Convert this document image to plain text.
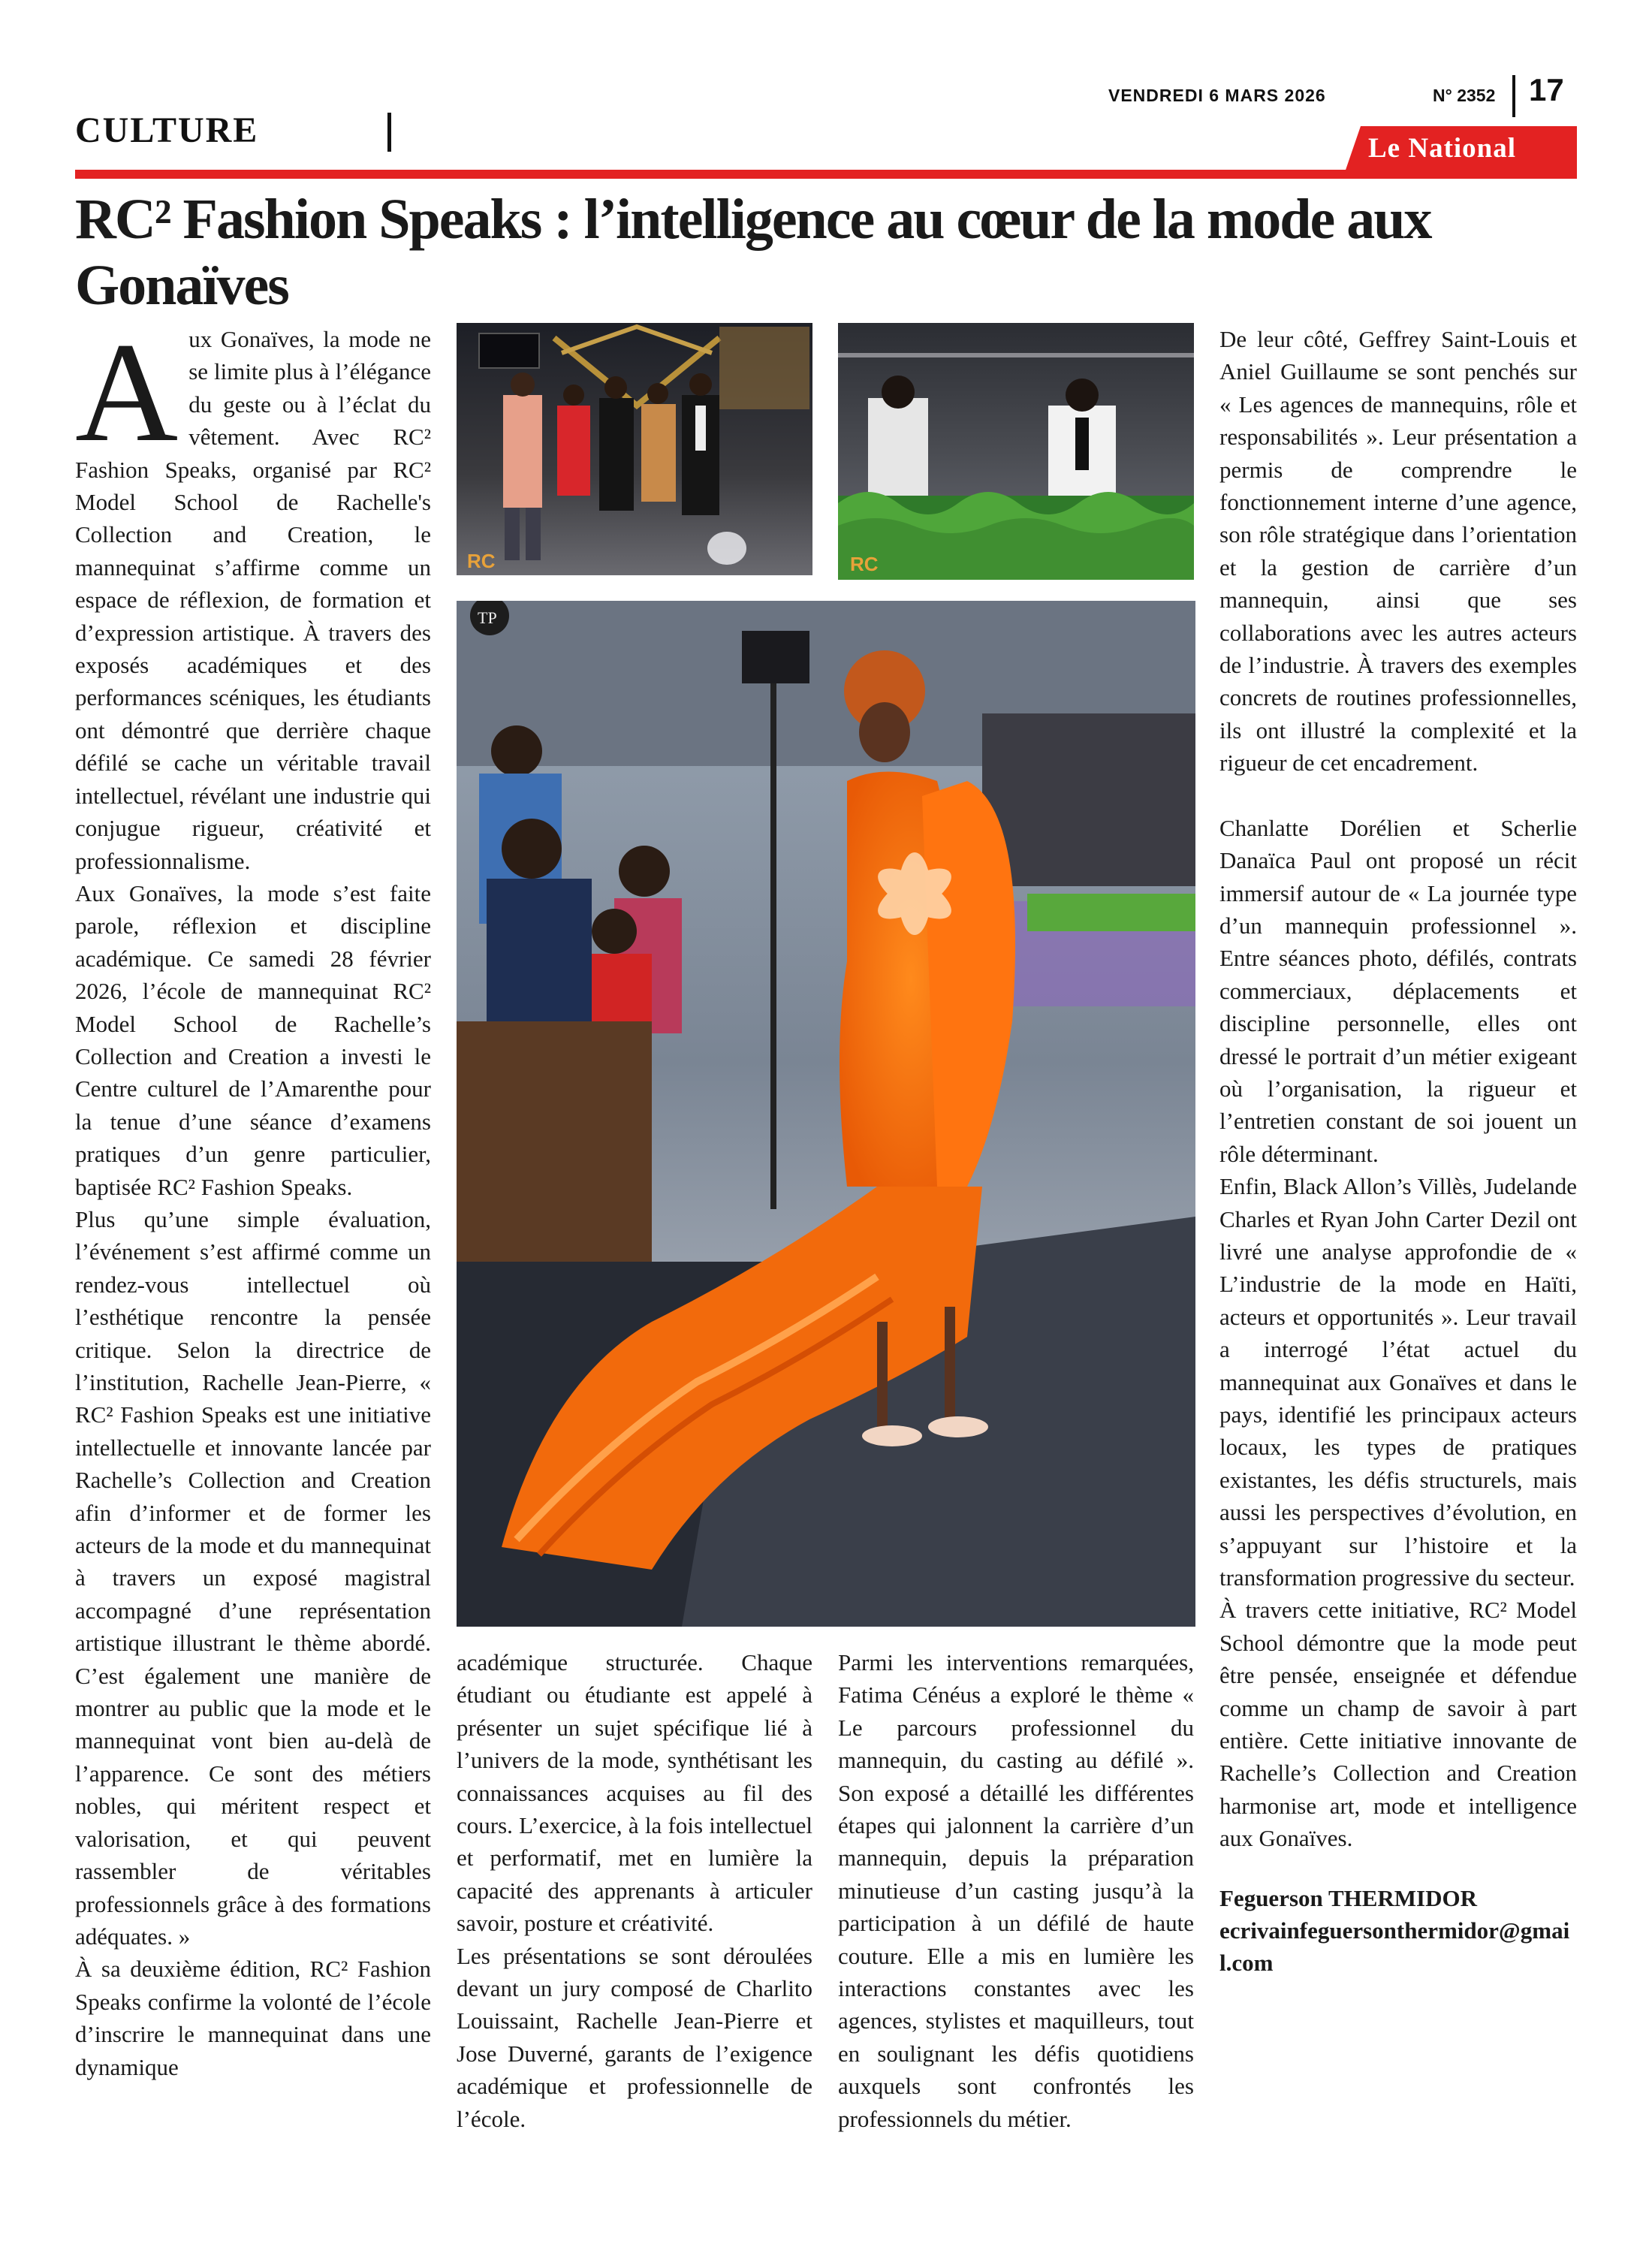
CULTURE
VENDREDI 6 MARS 2026	N° 2352 17
Le National
RC² Fashion Speaks : l’intelligence au cœur de la mode aux Gonaïves
A ux Gonaïves, la mode ne se limite plus à l’élégance du geste ou à l’éclat du vêtement. Avec RC² Fashion Speaks, organisé par RC² Model School de Rachelle's Collection and Creation, le mannequinat s’affirme comme un espace de réflexion, de formation et d’expression artistique. À travers des exposés académiques et des performances scéniques, les étudiants ont démontré que derrière chaque défilé se cache un véritable travail intellectuel, révélant une industrie qui conjugue rigueur, créativité et professionnalisme.

Aux Gonaïves, la mode s’est faite parole, réflexion et discipline académique. Ce samedi 28 février 2026, l’école de mannequinat RC² Model School de Rachelle’s Collection and Creation a investi le Centre culturel de l’Amarenthe pour la tenue d’une séance d’examens pratiques d’un genre particulier, baptisée RC² Fashion Speaks.

Plus qu’une simple évaluation, l’événement s’est affirmé comme un rendez-vous intellectuel où l’esthétique rencontre la pensée critique. Selon la directrice de l’institution, Rachelle Jean-Pierre, « RC² Fashion Speaks est une initiative intellectuelle et innovante lancée par Rachelle’s Collection and Creation afin d’informer et de former les acteurs de la mode et du mannequinat à travers un exposé magistral accompagné d’une représentation artistique illustrant le thème abordé. C’est également une manière de montrer au public que la mode et le mannequinat vont bien au-delà de l’apparence. Ce sont des métiers nobles, qui méritent respect et valorisation, et qui peuvent rassembler de véritables professionnels grâce à des formations adéquates. »

À sa deuxième édition, RC² Fashion Speaks confirme la volonté de l’école d’inscrire le mannequinat dans une dynamique

RC	RC
TP

académique structurée. Chaque étudiant ou étudiante est appelé à présenter un sujet spécifique lié à l’univers de la mode, synthétisant les connaissances acquises au fil des cours. L’exercice, à la fois intellectuel et performatif, met en lumière la capacité des apprenants à articuler savoir, posture et créativité.

Les présentations se sont déroulées devant un jury composé de Charlito Louissaint, Rachelle Jean-Pierre et Jose Duverné, garants de l’exigence académique et professionnelle de l’école.

Parmi les interventions remarquées, Fatima Cénéus a exploré le thème « Le parcours professionnel du mannequin, du casting au défilé ». Son exposé a détaillé les différentes étapes qui jalonnent la carrière d’un mannequin, depuis la préparation minutieuse d’un casting jusqu’à la participation à un défilé de haute couture. Elle a mis en lumière les interactions constantes avec les agences, stylistes et maquilleurs, tout en soulignant les défis quotidiens auxquels sont confrontés les professionnels du métier.

De leur côté, Geffrey Saint-Louis et Aniel Guillaume se sont penchés sur « Les agences de mannequins, rôle et responsabilités ». Leur présentation a permis de comprendre le fonctionnement interne d’une agence, son rôle stratégique dans l’orientation et la gestion de carrière d’un mannequin, ainsi que ses collaborations avec les autres acteurs de l’industrie. À travers des exemples concrets de routines professionnelles, ils ont illustré la complexité et la rigueur de cet encadrement.

Chanlatte Dorélien et Scherlie Danaïca Paul ont proposé un récit immersif autour de « La journée type d’un mannequin professionnel ». Entre séances photo, défilés, contrats commerciaux, déplacements et discipline personnelle, elles ont dressé le portrait d’un métier exigeant où l’organisation, la rigueur et l’entretien constant de soi jouent un rôle déterminant.

Enfin, Black Allon’s Villès, Judelande Charles et Ryan John Carter Dezil ont livré une analyse approfondie de « L’industrie de la mode en Haïti, acteurs et opportunités ». Leur travail a interrogé l’état actuel du mannequinat aux Gonaïves et dans le pays, identifié les principaux acteurs locaux, les types de pratiques existantes, les défis structurels, mais aussi les perspectives d’évolution, en s’appuyant sur l’histoire et la transformation progressive du secteur.

À travers cette initiative, RC² Model School démontre que la mode peut être pensée, enseignée et défendue comme un champ de savoir à part entière. Cette initiative innovante de Rachelle’s Collection and Creation harmonise art, mode et intelligence aux Gonaïves.

Feguerson THERMIDOR
ecrivainfeguersonthermidor@gmail.com
